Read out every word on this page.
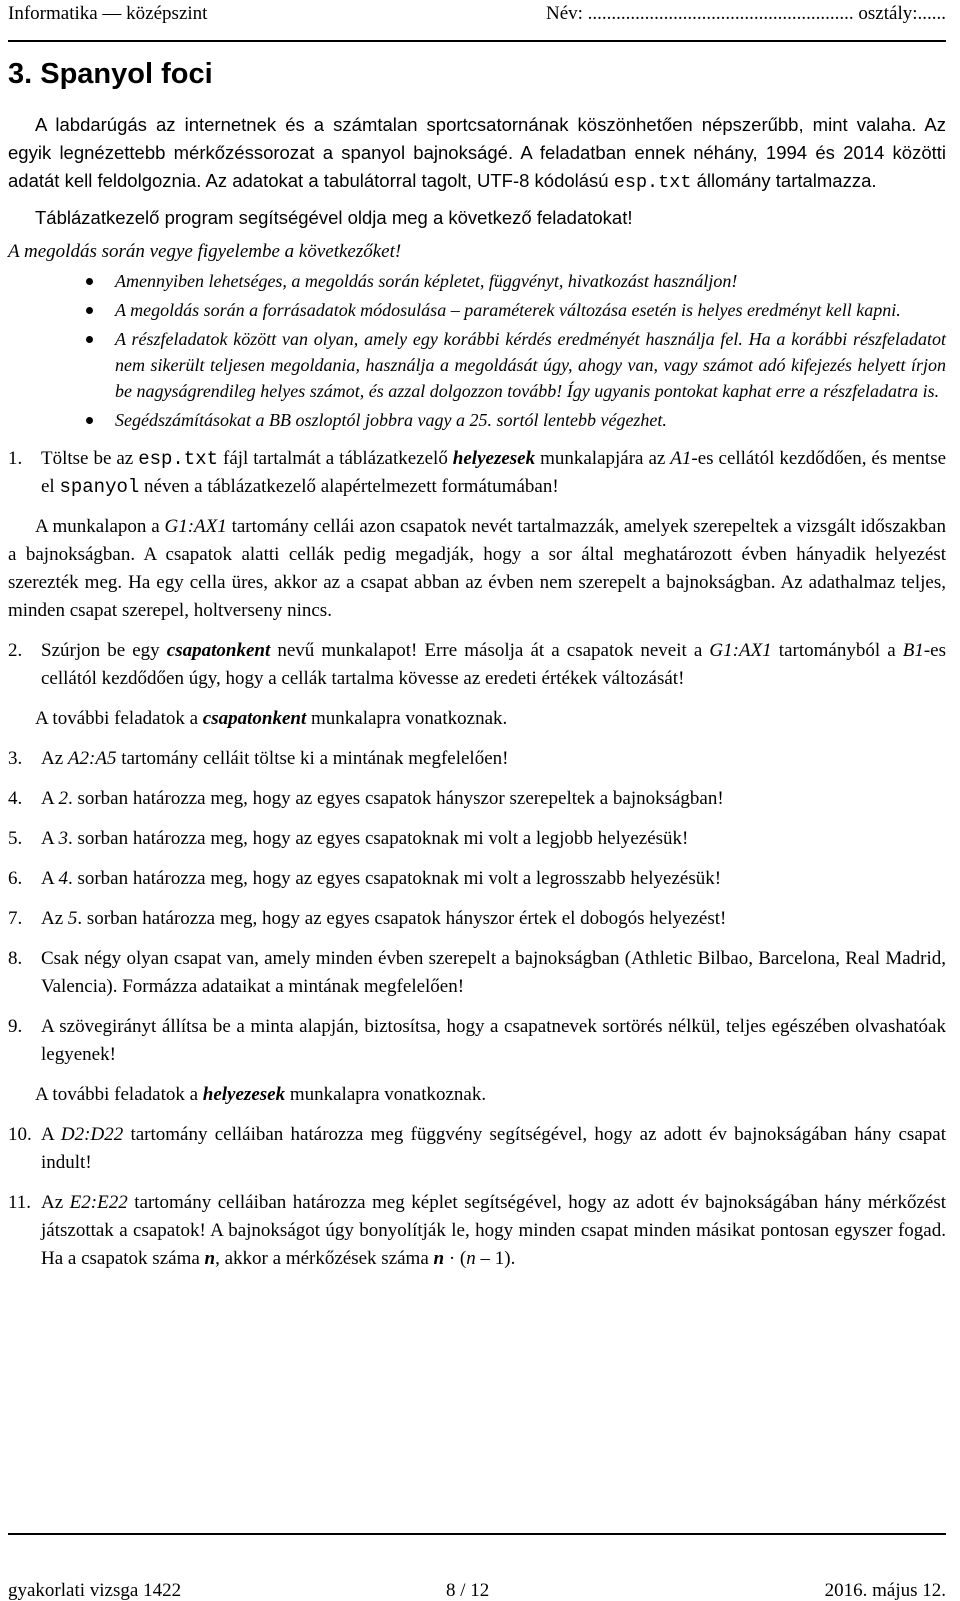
Informatika — középszint	Név: ........................................................ osztály:......
3. Spanyol foci

A labdarúgás az internetnek és a számtalan sportcsatornának köszönhetően népszerűbb, mint valaha. Az egyik legnézettebb mérkőzéssorozat a spanyol bajnokságé. A feladatban ennek néhány, 1994 és 2014 közötti adatát kell feldolgoznia. Az adatokat a tabulátorral tagolt, UTF-8 kódolású esp.txt állomány tartalmazza.

Táblázatkezelő program segítségével oldja meg a következő feladatokat!

A megoldás során vegye figyelembe a következőket!

Amennyiben lehetséges, a megoldás során képletet, függvényt, hivatkozást használjon!
A megoldás során a forrásadatok módosulása – paraméterek változása esetén is helyes eredményt kell kapni.
A részfeladatok között van olyan, amely egy korábbi kérdés eredményét használja fel. Ha a korábbi részfeladatot nem sikerült teljesen megoldania, használja a megoldását úgy, ahogy van, vagy számot adó kifejezés helyett írjon be nagyságrendileg helyes számot, és azzal dolgozzon tovább! Így ugyanis pontokat kaphat erre a részfeladatra is.
Segédszámításokat a BB oszloptól jobbra vagy a 25. sortól lentebb végezhet.
1. Töltse be az esp.txt fájl tartalmát a táblázatkezelő helyezesek munkalapjára az A1-es cellától kezdődően, és mentse el spanyol néven a táblázatkezelő alapértelmezett formátumában!

A munkalapon a G1:AX1 tartomány cellái azon csapatok nevét tartalmazzák, amelyek szerepeltek a vizsgált időszakban a bajnokságban. A csapatok alatti cellák pedig megadják, hogy a sor által meghatározott évben hányadik helyezést szerezték meg. Ha egy cella üres, akkor az a csapat abban az évben nem szerepelt a bajnokságban. Az adathalmaz teljes, minden csapat szerepel, holtverseny nincs.

2. Szúrjon be egy csapatonkent nevű munkalapot! Erre másolja át a csapatok neveit a G1:AX1 tartományból a B1-es cellától kezdődően úgy, hogy a cellák tartalma kövesse az eredeti értékek változását!

A további feladatok a csapatonkent munkalapra vonatkoznak.

3. Az A2:A5 tartomány celláit töltse ki a mintának megfelelően!
4. A 2. sorban határozza meg, hogy az egyes csapatok hányszor szerepeltek a bajnokságban!
5. A 3. sorban határozza meg, hogy az egyes csapatoknak mi volt a legjobb helyezésük!
6. A 4. sorban határozza meg, hogy az egyes csapatoknak mi volt a legrosszabb helyezésük!
7. Az 5. sorban határozza meg, hogy az egyes csapatok hányszor értek el dobogós helyezést!
8. Csak négy olyan csapat van, amely minden évben szerepelt a bajnokságban (Athletic Bilbao, Barcelona, Real Madrid, Valencia). Formázza adataikat a mintának megfelelően!
9. A szövegirányt állítsa be a minta alapján, biztosítsa, hogy a csapatnevek sortörés nélkül, teljes egészében olvashatóak legyenek!

A további feladatok a helyezesek munkalapra vonatkoznak.

10. A D2:D22 tartomány celláiban határozza meg függvény segítségével, hogy az adott év bajnokságában hány csapat indult!
11. Az E2:E22 tartomány celláiban határozza meg képlet segítségével, hogy az adott év bajnokságában hány mérkőzést játszottak a csapatok! A bajnokságot úgy bonyolítják le, hogy minden csapat minden másikat pontosan egyszer fogad. Ha a csapatok száma n, akkor a mérkőzések száma n · (n – 1).
gyakorlati vizsga 1422	8 / 12	2016. május 12.
